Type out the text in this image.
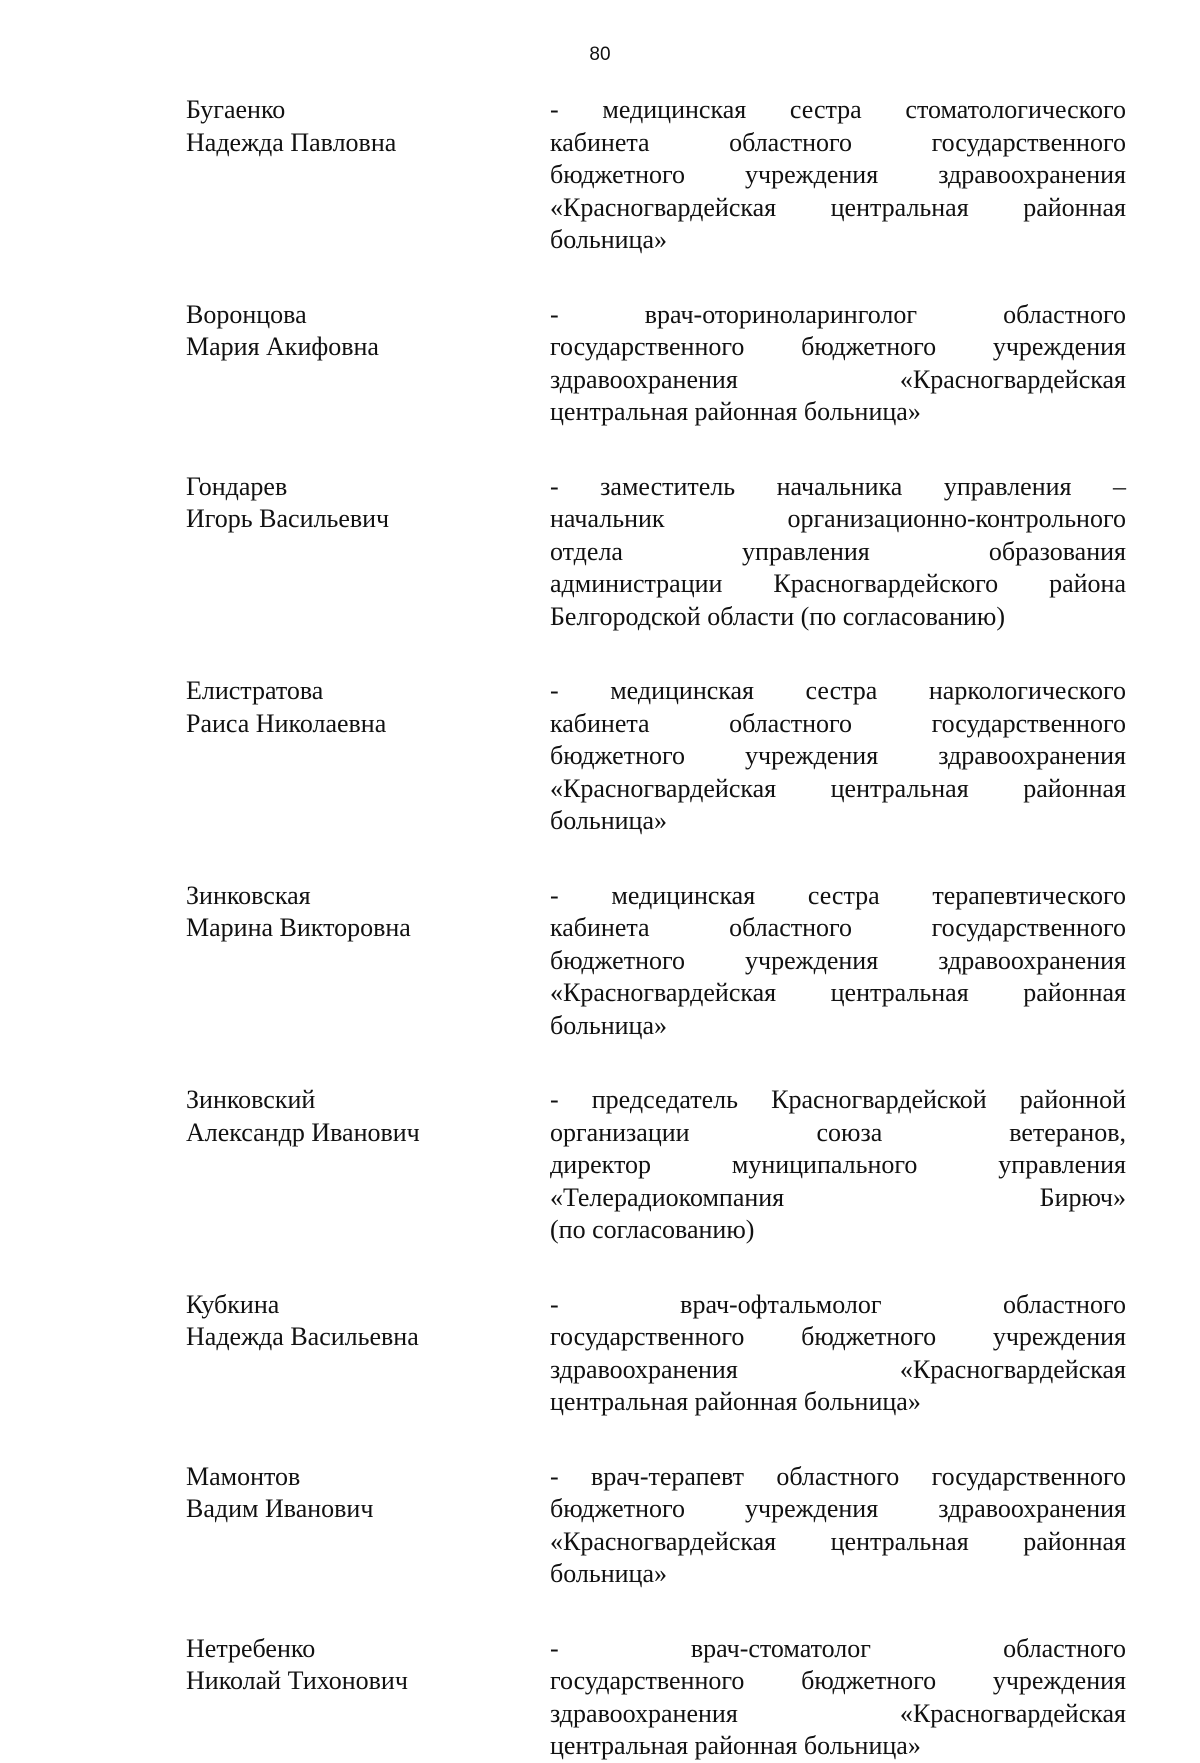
80
Бугаенко
Надежда Павловна
- медицинская сестра стоматологического
кабинета областного государственного
бюджетного учреждения здравоохранения
«Красногвардейская центральная районная
больница»
Воронцова
Мария Акифовна
- врач-оториноларинголог областного
государственного бюджетного учреждения
здравоохранения «Красногвардейская
центральная районная больница»
Гондарев
Игорь Васильевич
- заместитель начальника управления –
начальник организационно-контрольного
отдела управления образования
администрации Красногвардейского района
Белгородской области (по согласованию)
Елистратова
Раиса Николаевна
- медицинская сестра наркологического
кабинета областного государственного
бюджетного учреждения здравоохранения
«Красногвардейская центральная районная
больница»
Зинковская
Марина Викторовна
- медицинская сестра терапевтического
кабинета областного государственного
бюджетного учреждения здравоохранения
«Красногвардейская центральная районная
больница»
Зинковский
Александр Иванович
- председатель Красногвардейской районной
организации союза ветеранов,
директор муниципального управления
«Телерадиокомпания Бирюч»
(по согласованию)
Кубкина
Надежда Васильевна
- врач-офтальмолог областного
государственного бюджетного учреждения
здравоохранения «Красногвардейская
центральная районная больница»
Мамонтов
Вадим Иванович
- врач-терапевт областного государственного
бюджетного учреждения здравоохранения
«Красногвардейская центральная районная
больница»
Нетребенко
Николай Тихонович
- врач-стоматолог областного
государственного бюджетного учреждения
здравоохранения «Красногвардейская
центральная районная больница»
